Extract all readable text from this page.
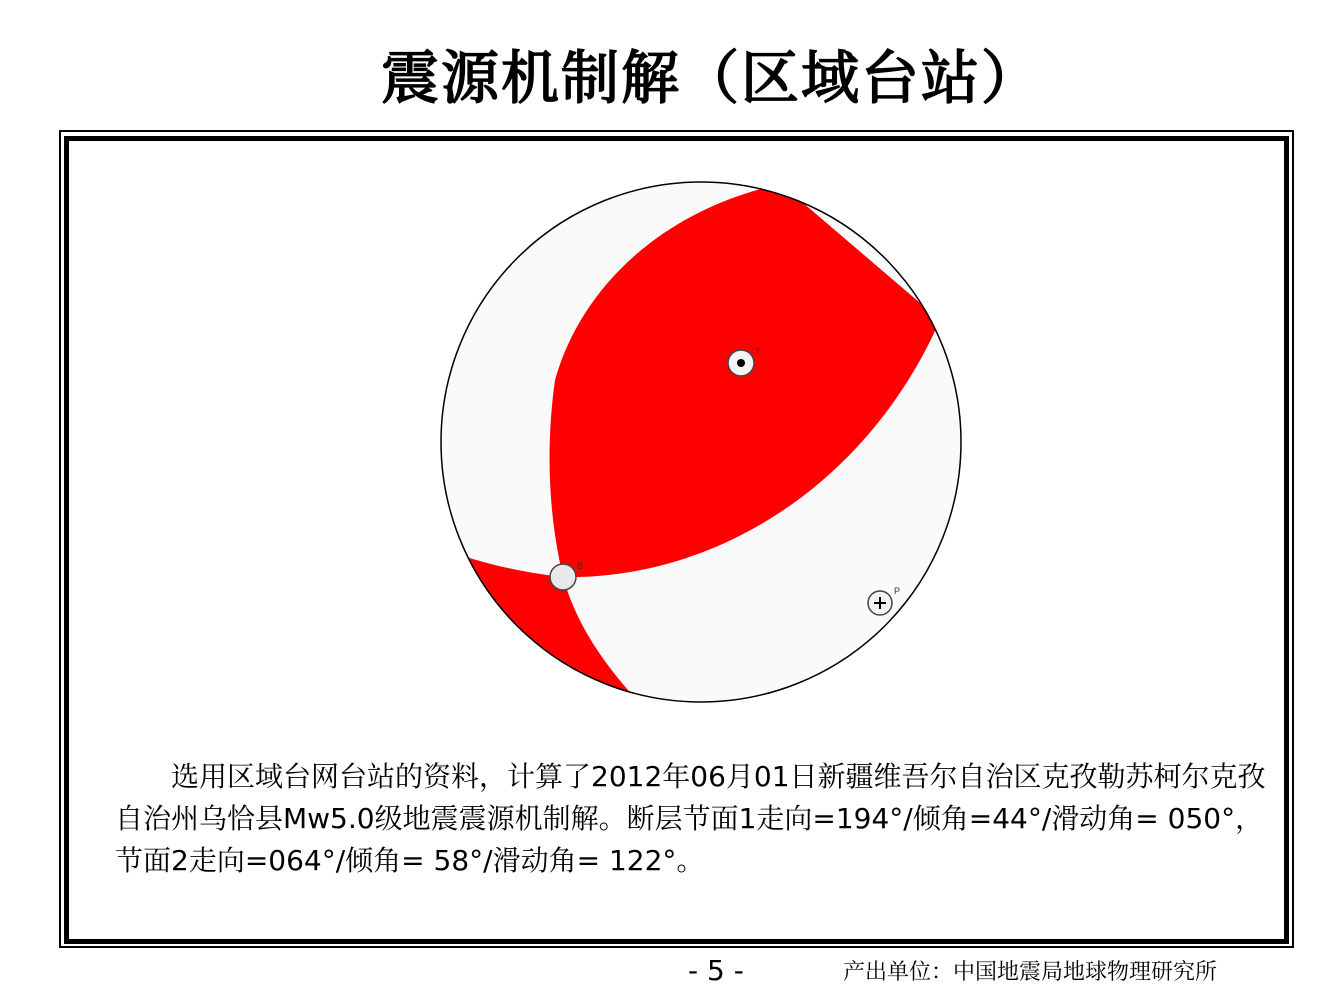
震源机制解（区域台站）
T
B
P

选用区域台网台站的资料，计算了2012年06月01日新疆维吾尔自治区克孜勒苏柯尔克孜自治州乌恰县Mw5.0级地震震源机制解。断层节面1走向=194°/倾角=44°/滑动角= 050°，节面2走向=064°/倾角= 58°/滑动角= 122°。

- 5 -	产出单位：中国地震局地球物理研究所
